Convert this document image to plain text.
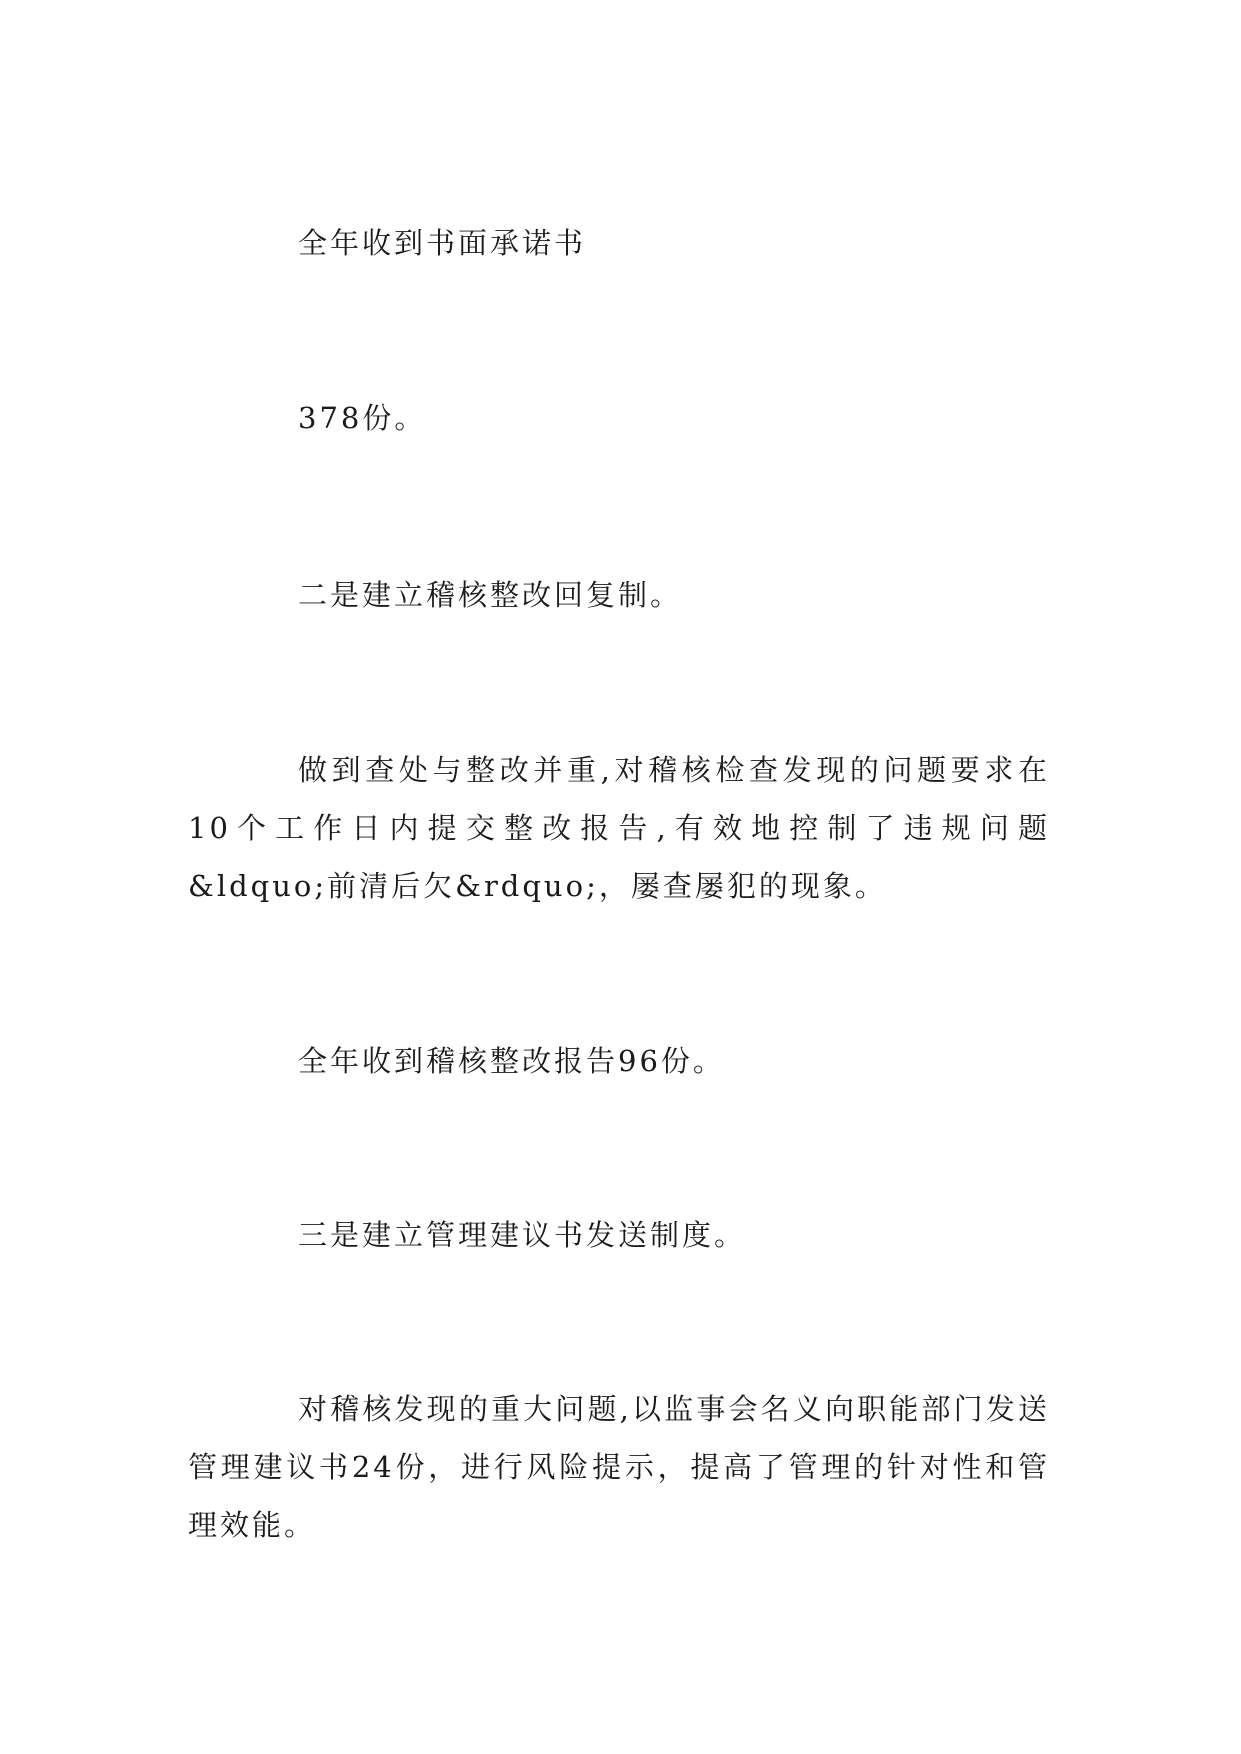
全年收到书面承诺书

378份。

二是建立稽核整改回复制。

做到查处与整改并重,对稽核检查发现的问题要求在10个工作日内提交整改报告,有效地控制了违规问题&ldquo;前清后欠&rdquo;，屡查屡犯的现象。

全年收到稽核整改报告96份。

三是建立管理建议书发送制度。

对稽核发现的重大问题,以监事会名义向职能部门发送管理建议书24份，进行风险提示，提高了管理的针对性和管理效能。
